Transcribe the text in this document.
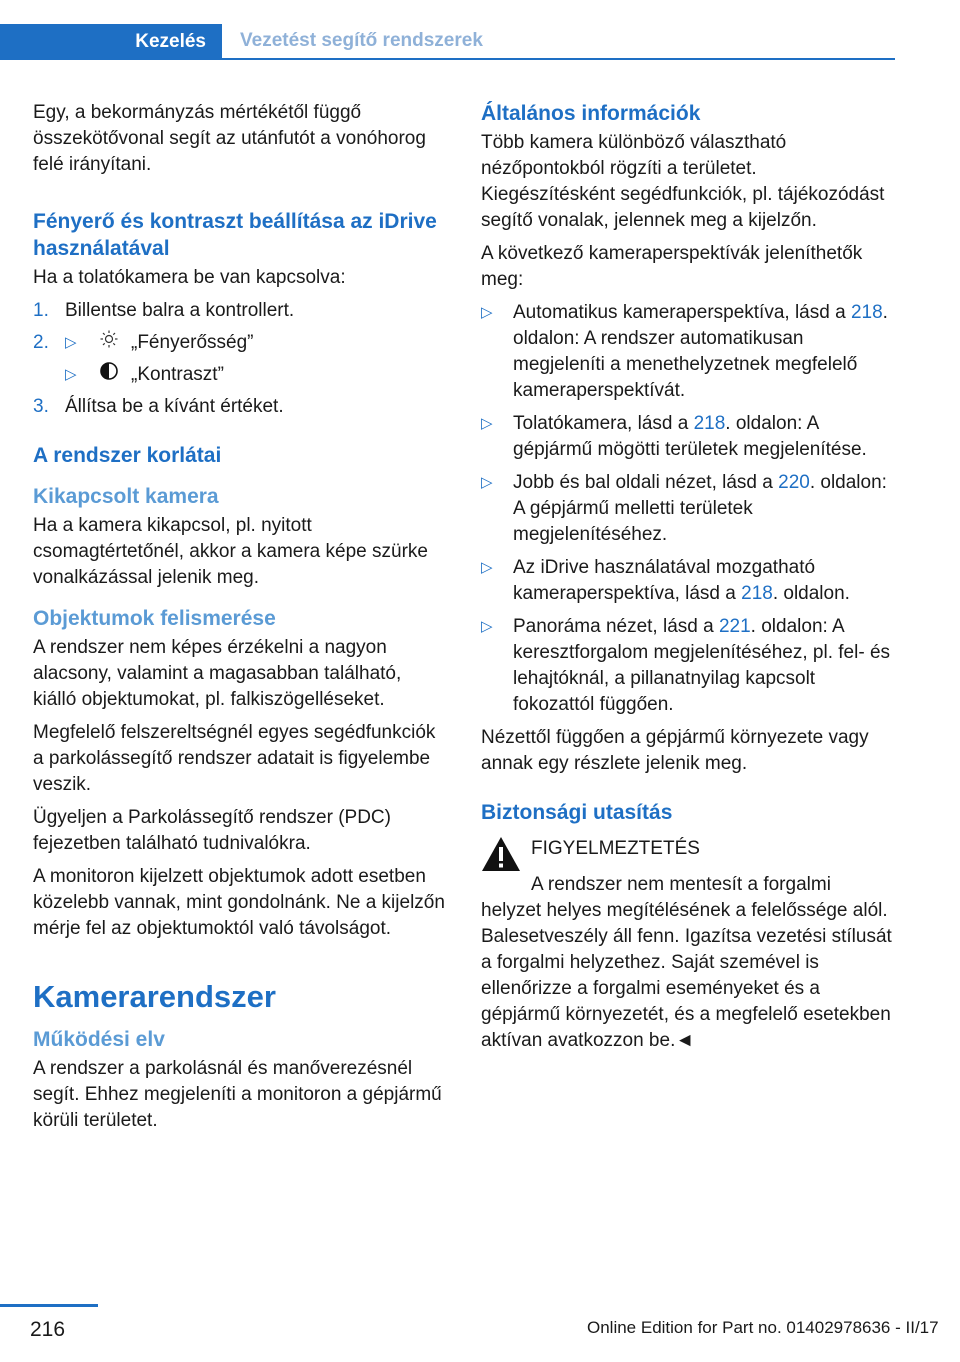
Kezelés	Vezetést segítő rendszerek

Egy, a bekormányzás mértékétől függő összekötővonal segít az utánfutót a vonóhorog felé irányítani.

Fényerő és kontraszt beállítása az iDrive használatával

Ha a tolatókamera be van kapcsolva:

1. Billentse balra a kontrollert.
2.	▷	„Fényerősség”
▷	„Kontraszt”
3. Állítsa be a kívánt értéket.
A rendszer korlátai
Kikapcsolt kamera

Ha a kamera kikapcsol, pl. nyitott csomagtértetőnél, akkor a kamera képe szürke vonalkázással jelenik meg.

Objektumok felismerése

A rendszer nem képes érzékelni a nagyon alacsony, valamint a magasabban található, kiálló objektumokat, pl. falkiszögelléseket.

Megfelelő felszereltségnél egyes segédfunkciók a parkolássegítő rendszer adatait is figyelembe veszik.

Ügyeljen a Parkolássegítő rendszer (PDC) fejezetben található tudnivalókra.

A monitoron kijelzett objektumok adott esetben közelebb vannak, mint gondolnánk. Ne a kijelzőn mérje fel az objektumoktól való távolságot.

Kamerarendszer
Működési elv

A rendszer a parkolásnál és manőverezésnél segít. Ehhez megjeleníti a monitoron a gépjármű körüli területet.

Általános információk

Több kamera különböző választható nézőpontokból rögzíti a területet. Kiegészítésként segédfunkciók, pl. tájékozódást segítő vonalak, jelennek meg a kijelzőn.

A következő kameraperspektívák jeleníthetők meg:

▷	Automatikus kameraperspektíva, lásd a 218. oldalon: A rendszer automatikusan megjeleníti a menethelyzetnek megfelelő kameraperspektívát.
▷	Tolatókamera, lásd a 218. oldalon: A gépjármű mögötti területek megjelenítése.
▷	Jobb és bal oldali nézet, lásd a 220. oldalon: A gépjármű melletti területek megjelenítéséhez.
▷	Az iDrive használatával mozgatható kameraperspektíva, lásd a 218. oldalon.
▷	Panoráma nézet, lásd a 221. oldalon: A keresztforgalom megjelenítéséhez, pl. fel- és lehajtóknál, a pillanatnyilag kapcsolt fokozattól függően.

Nézettől függően a gépjármű környezete vagy annak egy részlete jelenik meg.

Biztonsági utasítás
FIGYELMEZTETÉS

A rendszer nem mentesít a forgalmi helyzet helyes megítélésének a felelőssége alól. Balesetveszély áll fenn. Igazítsa vezetési stílusát a forgalmi helyzethez. Saját szemével is ellenőrizze a forgalmi eseményeket és a gépjármű környezetét, és a megfelelő esetekben aktívan avatkozzon be.◄

216	Online Edition for Part no. 01402978636 - II/17
